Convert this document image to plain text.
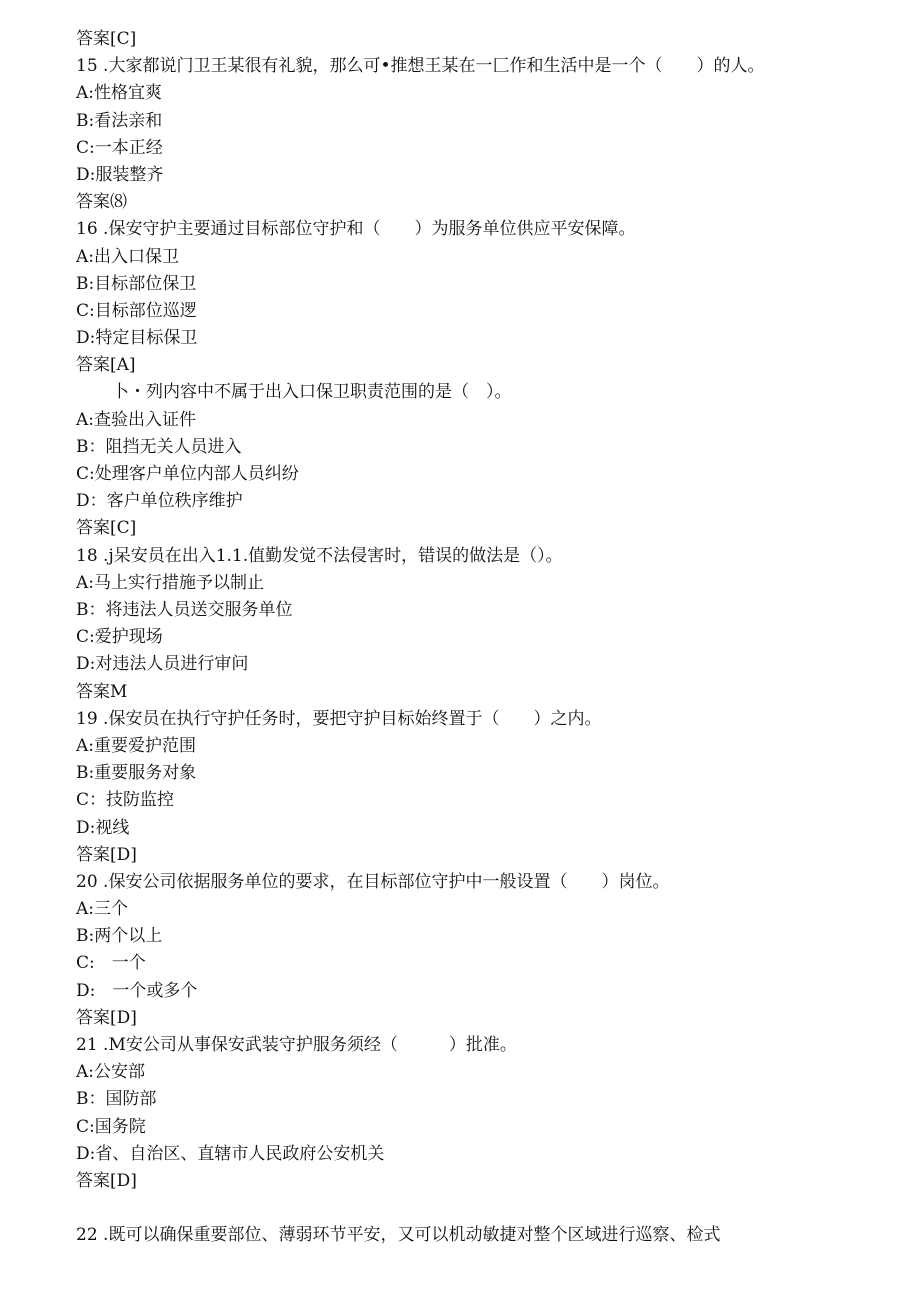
答案[C]
15 .大家都说门卫王某很有礼貌，那么可•推想王某在一匚作和生活中是一个（　　）的人。
A:性格宜爽
B:看法亲和
C:一本正经
D:服装整齐
答案⑻
16 .保安守护主要通过目标部位守护和（　　）为服务单位供应平安保障。
A:出入口保卫
B:目标部位保卫
C:目标部位巡逻
D:特定目标保卫
答案[A]
卜・列内容中不属于出入口保卫职责范围的是（　）。
A:查验出入证件
B：阻挡无关人员进入
C:处理客户单位内部人员纠纷
D：客户单位秩序维护
答案[C]
18 .j呆安员在出入1.1.值勤发觉不法侵害时，错误的做法是（）。
A:马上实行措施予以制止
B：将违法人员送交服务单位
C:爱护现场
D:对违法人员进行审问
答案M
19 .保安员在执行守护任务时，要把守护目标始终置于（　　）之内。
A:重要爱护范围
B:重要服务对象
C：技防监控
D:视线
答案[D]
20 .保安公司依据服务单位的要求，在目标部位守护中一般设置（　　）岗位。
A:三个
B:两个以上
C:　一个
D:　一个或多个
答案[D]
21 .M安公司从事保安武装守护服务须经（　　　）批准。
A:公安部
B：国防部
C:国务院
D:省、自治区、直辖市人民政府公安机关
答案[D]
22 .既可以确保重要部位、薄弱环节平安，又可以机动敏捷对整个区域进行巡察、检式
